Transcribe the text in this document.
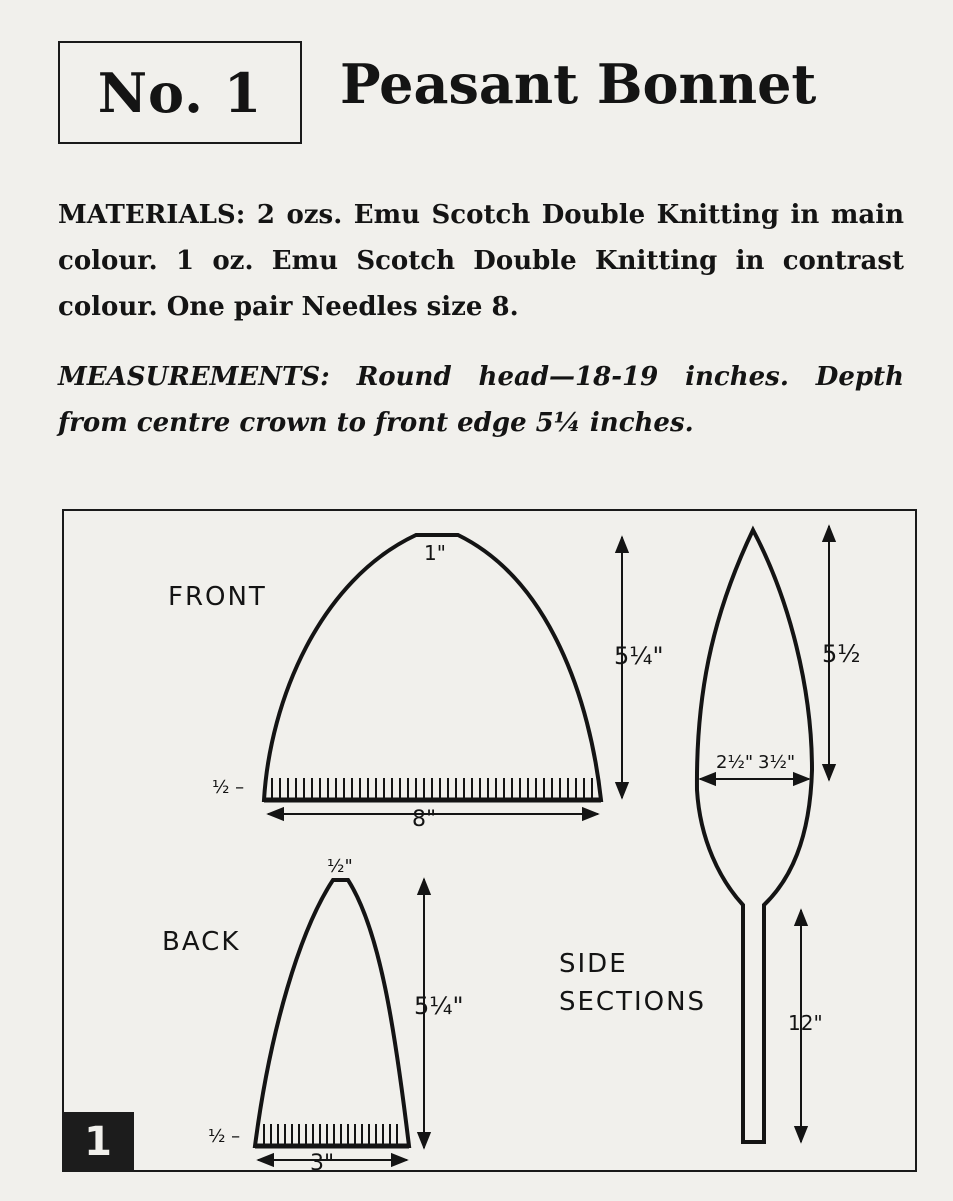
No. 1 Peasant Bonnet

MATERIALS: 2 ozs. Emu Scotch Double Knitting in main colour. 1 oz. Emu Scotch Double Knitting in contrast colour. One pair Needles size 8.

MEASUREMENTS: Round head—18-19 inches. Depth from centre crown to front edge 5¼ inches.

FRONT
1"
5¼"
8"
½ –
BACK
½"
5¼"
3"
½ –
5½
2½" 3½"
12"
SIDE
SECTIONS
1
